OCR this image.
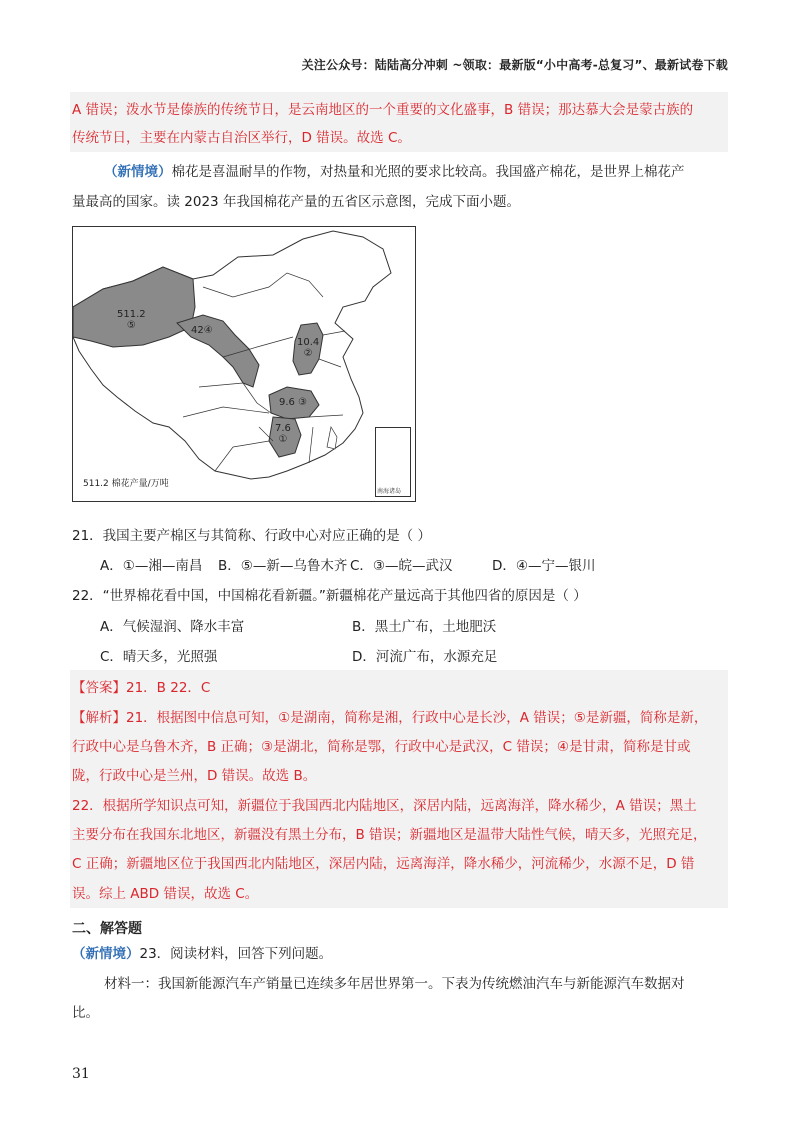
关注公众号：陆陆高分冲刺 ~领取：最新版“小中高考-总复习”、最新试卷下载
A 错误；泼水节是傣族的传统节日，是云南地区的一个重要的文化盛事，B 错误；那达慕大会是蒙古族的
传统节日，主要在内蒙古自治区举行，D 错误。故选 C。
（新情境）棉花是喜温耐旱的作物，对热量和光照的要求比较高。我国盛产棉花，是世界上棉花产
量最高的国家。读 2023 年我国棉花产量的五省区示意图，完成下面小题。
511.2
⑤	42④
10.4
②
9.6 ③
7.6
①
511.2 棉花产量/万吨
南海诸岛
21．我国主要产棉区与其简称、行政中心对应正确的是（ ）
A．①—湘—南昌 B．⑤—新—乌鲁木齐 C．③—皖—武汉	D．④—宁—银川
22．“世界棉花看中国，中国棉花看新疆。”新疆棉花产量远高于其他四省的原因是（ ）
A．气候湿润、降水丰富	B．黑土广布，土地肥沃
C．晴天多，光照强	D．河流广布，水源充足
【答案】21．B 22．C
【解析】21．根据图中信息可知，①是湖南，简称是湘，行政中心是长沙，A 错误；⑤是新疆，简称是新，
行政中心是乌鲁木齐，B 正确；③是湖北，简称是鄂，行政中心是武汉，C 错误；④是甘肃，简称是甘或
陇，行政中心是兰州，D 错误。故选 B。
22．根据所学知识点可知，新疆位于我国西北内陆地区，深居内陆，远离海洋，降水稀少，A 错误；黑土
主要分布在我国东北地区，新疆没有黑土分布，B 错误；新疆地区是温带大陆性气候，晴天多，光照充足，
C 正确；新疆地区位于我国西北内陆地区，深居内陆，远离海洋，降水稀少，河流稀少，水源不足，D 错
误。综上 ABD 错误，故选 C。
二、解答题
（新情境）23．阅读材料，回答下列问题。
材料一：我国新能源汽车产销量已连续多年居世界第一。下表为传统燃油汽车与新能源汽车数据对
比。
31
